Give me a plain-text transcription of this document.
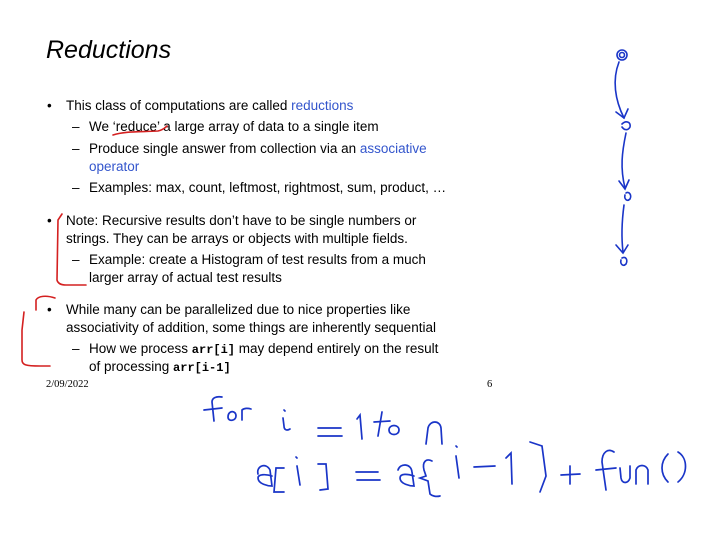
Reductions
• This class of computations are called reductions
– We ‘reduce’ a large array of data to a single item
– Produce single answer from collection via an associative
operator
– Examples: max, count, leftmost, rightmost, sum, product, …
• Note: Recursive results don’t have to be single numbers or
strings. They can be arrays or objects with multiple fields.
– Example: create a Histogram of test results from a much
larger array of actual test results
• While many can be parallelized due to nice properties like
associativity of addition, some things are inherently sequential
– How we process arr[i] may depend entirely on the result
of processing arr[i-1]
2/09/2022	6
